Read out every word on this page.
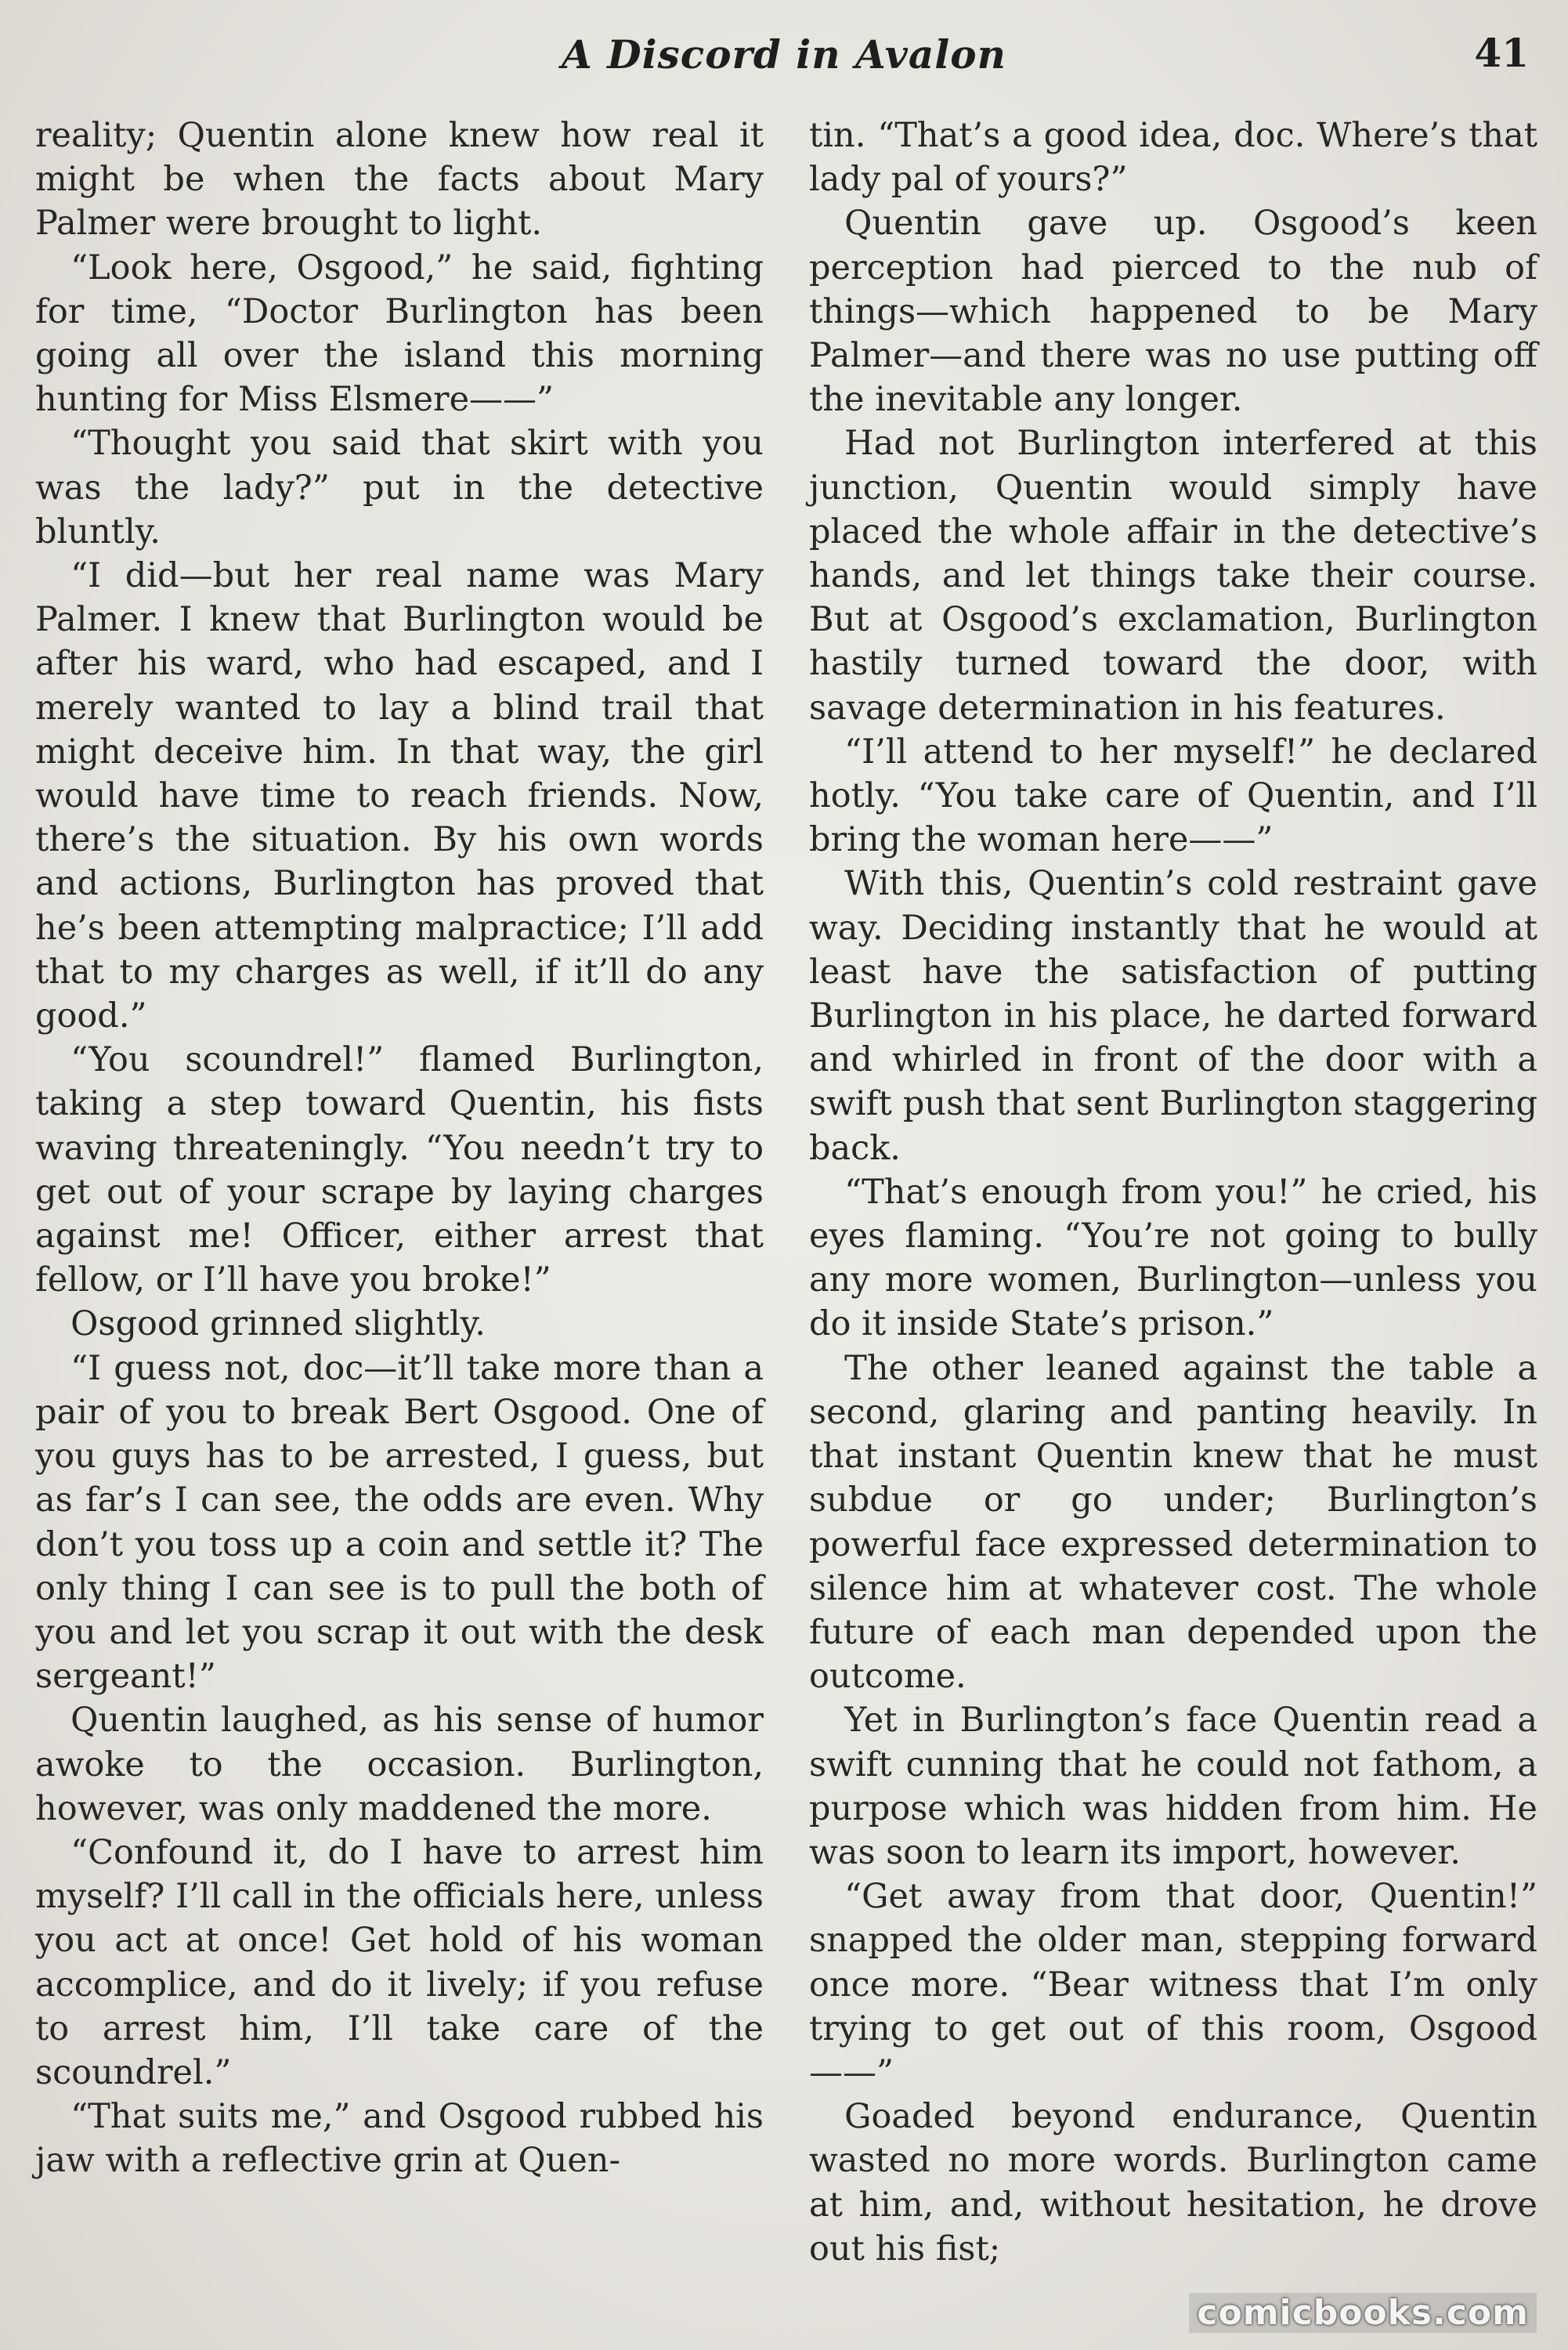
A Discord in Avalon	41

reality; Quentin alone knew how real it might be when the facts about Mary Palmer were brought to light.

“Look here, Osgood,” he said, fighting for time, “Doctor Burlington has been going all over the island this morning hunting for Miss Elsmere——”

“Thought you said that skirt with you was the lady?” put in the detective bluntly.

“I did—but her real name was Mary Palmer. I knew that Burlington would be after his ward, who had escaped, and I merely wanted to lay a blind trail that might deceive him. In that way, the girl would have time to reach friends. Now, there’s the situation. By his own words and actions, Burlington has proved that he’s been attempting malpractice; I’ll add that to my charges as well, if it’ll do any good.”

“You scoundrel!” flamed Burlington, taking a step toward Quentin, his fists waving threateningly. “You needn’t try to get out of your scrape by laying charges against me! Officer, either arrest that fellow, or I’ll have you broke!”

Osgood grinned slightly.

“I guess not, doc—it’ll take more than a pair of you to break Bert Osgood. One of you guys has to be arrested, I guess, but as far’s I can see, the odds are even. Why don’t you toss up a coin and settle it? The only thing I can see is to pull the both of you and let you scrap it out with the desk sergeant!”

Quentin laughed, as his sense of humor awoke to the occasion. Burlington, however, was only maddened the more.

“Confound it, do I have to arrest him myself? I’ll call in the officials here, unless you act at once! Get hold of his woman accomplice, and do it lively; if you refuse to arrest him, I’ll take care of the scoundrel.”

“That suits me,” and Osgood rubbed his jaw with a reflective grin at Quen-

tin. “That’s a good idea, doc. Where’s that lady pal of yours?”

Quentin gave up. Osgood’s keen perception had pierced to the nub of things—which happened to be Mary Palmer—and there was no use putting off the inevitable any longer.

Had not Burlington interfered at this junction, Quentin would simply have placed the whole affair in the detective’s hands, and let things take their course. But at Osgood’s exclamation, Burlington hastily turned toward the door, with savage determination in his features.

“I’ll attend to her myself!” he declared hotly. “You take care of Quentin, and I’ll bring the woman here——”

With this, Quentin’s cold restraint gave way. Deciding instantly that he would at least have the satisfaction of putting Burlington in his place, he darted forward and whirled in front of the door with a swift push that sent Burlington staggering back.

“That’s enough from you!” he cried, his eyes flaming. “You’re not going to bully any more women, Burlington—unless you do it inside State’s prison.”

The other leaned against the table a second, glaring and panting heavily. In that instant Quentin knew that he must subdue or go under; Burlington’s powerful face expressed determination to silence him at whatever cost. The whole future of each man depended upon the outcome.

Yet in Burlington’s face Quentin read a swift cunning that he could not fathom, a purpose which was hidden from him. He was soon to learn its import, however.

“Get away from that door, Quentin!” snapped the older man, stepping forward once more. “Bear witness that I’m only trying to get out of this room, Osgood——”

Goaded beyond endurance, Quentin wasted no more words. Burlington came at him, and, without hesitation, he drove out his fist;

comicbooks.com
